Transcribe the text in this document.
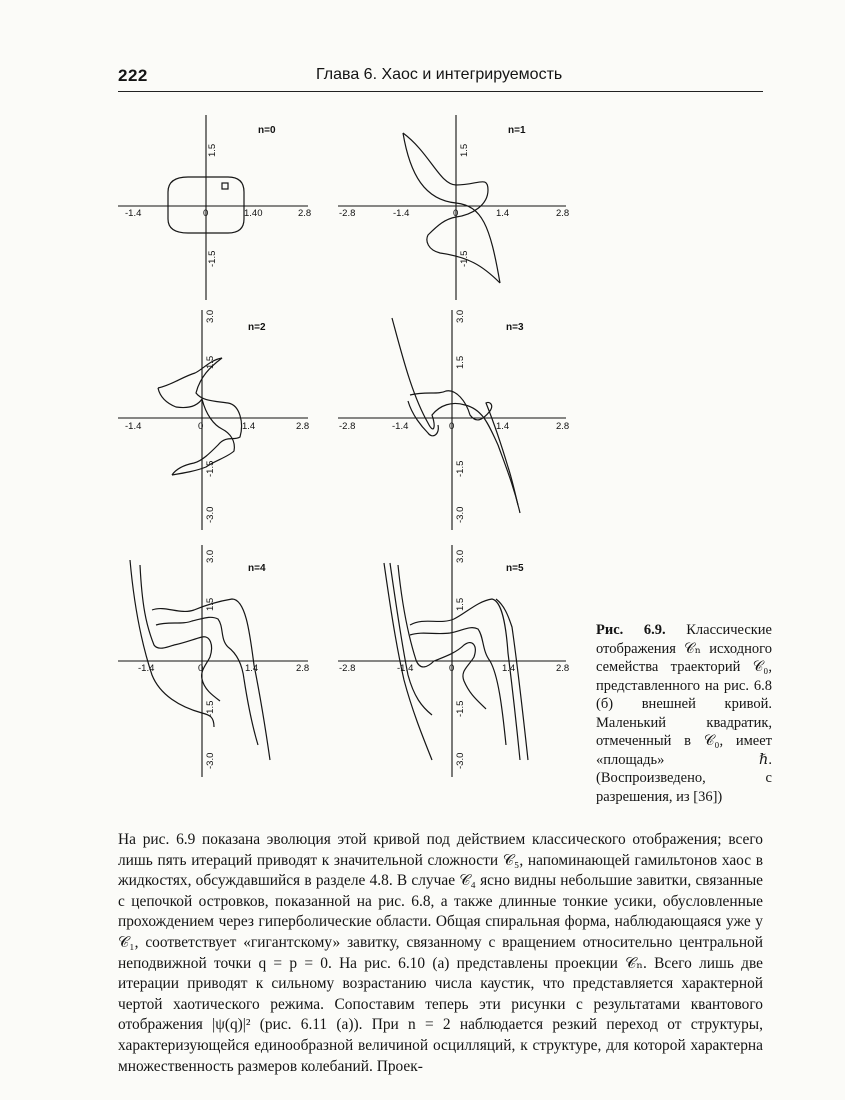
222	Глава 6. Хаос и интегрируемость
n=0
-1.4	0	1.40	2.8
1.5
-1.5
n=1
-2.8	-1.4	0	1.4	2.8
1.5
-1.5
n=2
-1.4	0	1.4	2.8
3.0
1.5
-1.5
-3.0
n=3
-2.8	-1.4	0	1.4	2.8
3.0
1.5
-1.5
-3.0
n=4
-1.4	0	1.4	2.8
3.0
1.5
-1.5
-3.0
n=5
-2.8	-1.4	0	1.4	2.8
3.0
1.5
-1.5
-3.0
Рис. 6.9. Классические отображения 𝒞ₙ исходного семейства траекторий 𝒞₀, представленного на рис. 6.8 (б) внешней кривой. Маленький квадратик, отмеченный в 𝒞₀, имеет «площадь» ℏ. (Воспроизведено, с разрешения, из [36])

На рис. 6.9 показана эволюция этой кривой под действием классического отображения; всего лишь пять итераций приводят к значительной сложности 𝒞₅, напоминающей гамильтонов хаос в жидкостях, обсуждавшийся в разделе 4.8. В случае 𝒞₄ ясно видны небольшие завитки, связанные с цепочкой островков, показанной на рис. 6.8, а также длинные тонкие усики, обусловленные прохождением через гиперболические области. Общая спиральная форма, наблюдающаяся уже у 𝒞₁, соответствует «гигантскому» завитку, связанному с вращением относительно центральной неподвижной точки q = p = 0. На рис. 6.10 (а) представлены проекции 𝒞ₙ. Всего лишь две итерации приводят к сильному возрастанию числа каустик, что представляется характерной чертой хаотического режима. Сопоставим теперь эти рисунки с результатами квантового отображения |ψ(q)|² (рис. 6.11 (а)). При n = 2 наблюдается резкий переход от структуры, характеризующейся единообразной величиной осцилляций, к структуре, для которой характерна множественность размеров колебаний. Проек-
